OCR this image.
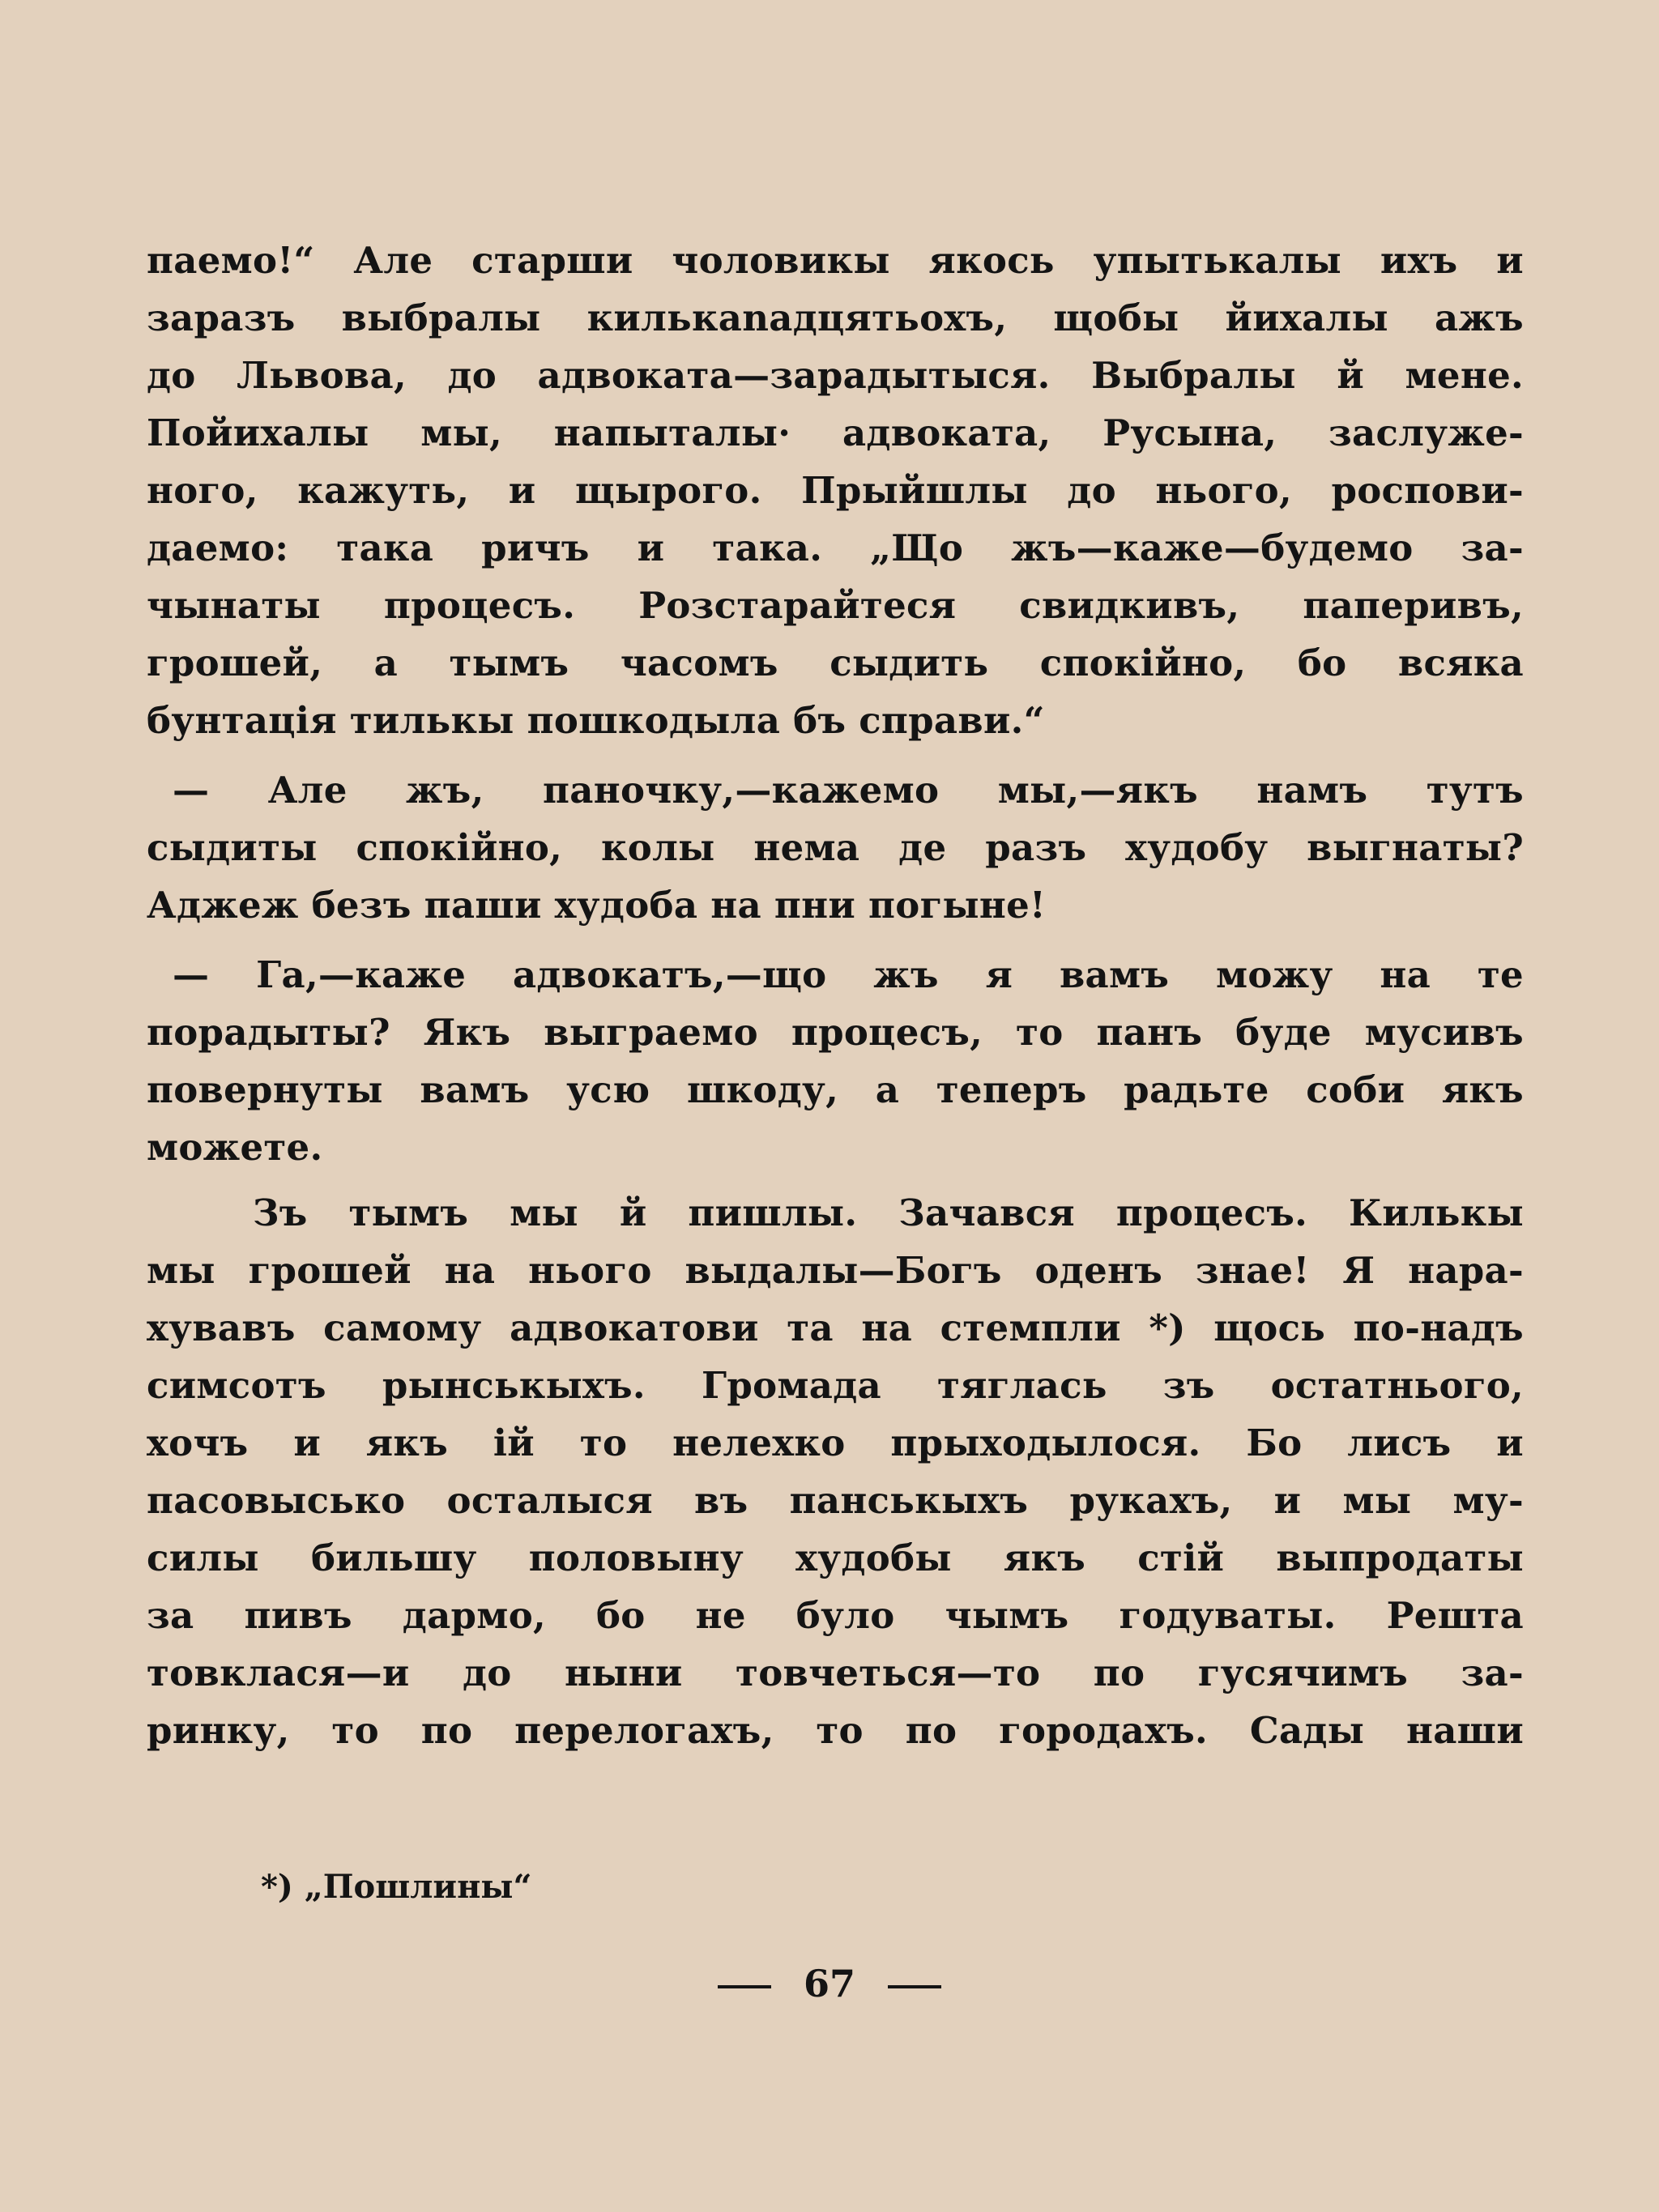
паемо!“ Але старши чоловикы якось упытькалы ихъ и
заразъ выбралы килькanадцятьохъ, щобы йихалы ажъ
до Львова, до адвоката—зарадытыся. Выбралы й мене.
Пойихалы мы, напыталы· адвоката, Русына, заслуже-
ного, кажуть, и щырого. Прыйшлы до нього, роспови-
даемо: така ричъ и така. „Що жъ—каже—будемо за-
чынаты процесъ. Розстарайтеся свидкивъ, паперивъ,
грошей, а тымъ часомъ сыдить спокійно, бо всяка
бунтація тилькы пошкодыла бъ справи.“
— Але жъ, паночку,—кажемо мы,—якъ намъ тутъ
сыдиты спокійно, колы нема де разъ худобу выгнаты?
Аджеж безъ паши худоба на пни погыне!
— Га,—каже адвокатъ,—що жъ я вамъ можу на те
порадыты? Якъ выграемо процесъ, то панъ буде мусивъ
повернуты вамъ усю шкоду, а теперъ радьте соби якъ
можете.
Зъ тымъ мы й пишлы. Зачався процесъ. Килькы
мы грошей на нього выдалы—Богъ оденъ знае! Я нара-
хувавъ самому адвокатови та на стемпли *) щось по-надъ
симсотъ рынськыхъ. Громада тяглась зъ остатнього,
хочъ и якъ ій то нелехко прыходылося. Бо лисъ и
пасовысько осталыся въ панськыхъ рукахъ, и мы му-
силы бильшу половыну худобы якъ стій выпродаты
за пивъ дармо, бо не було чымъ годуваты. Решта
товклася—и до ныни товчеться—то по гусячимъ за-
ринку, то по перелогахъ, то по городахъ. Сады наши
*) „Пошлины“
67
